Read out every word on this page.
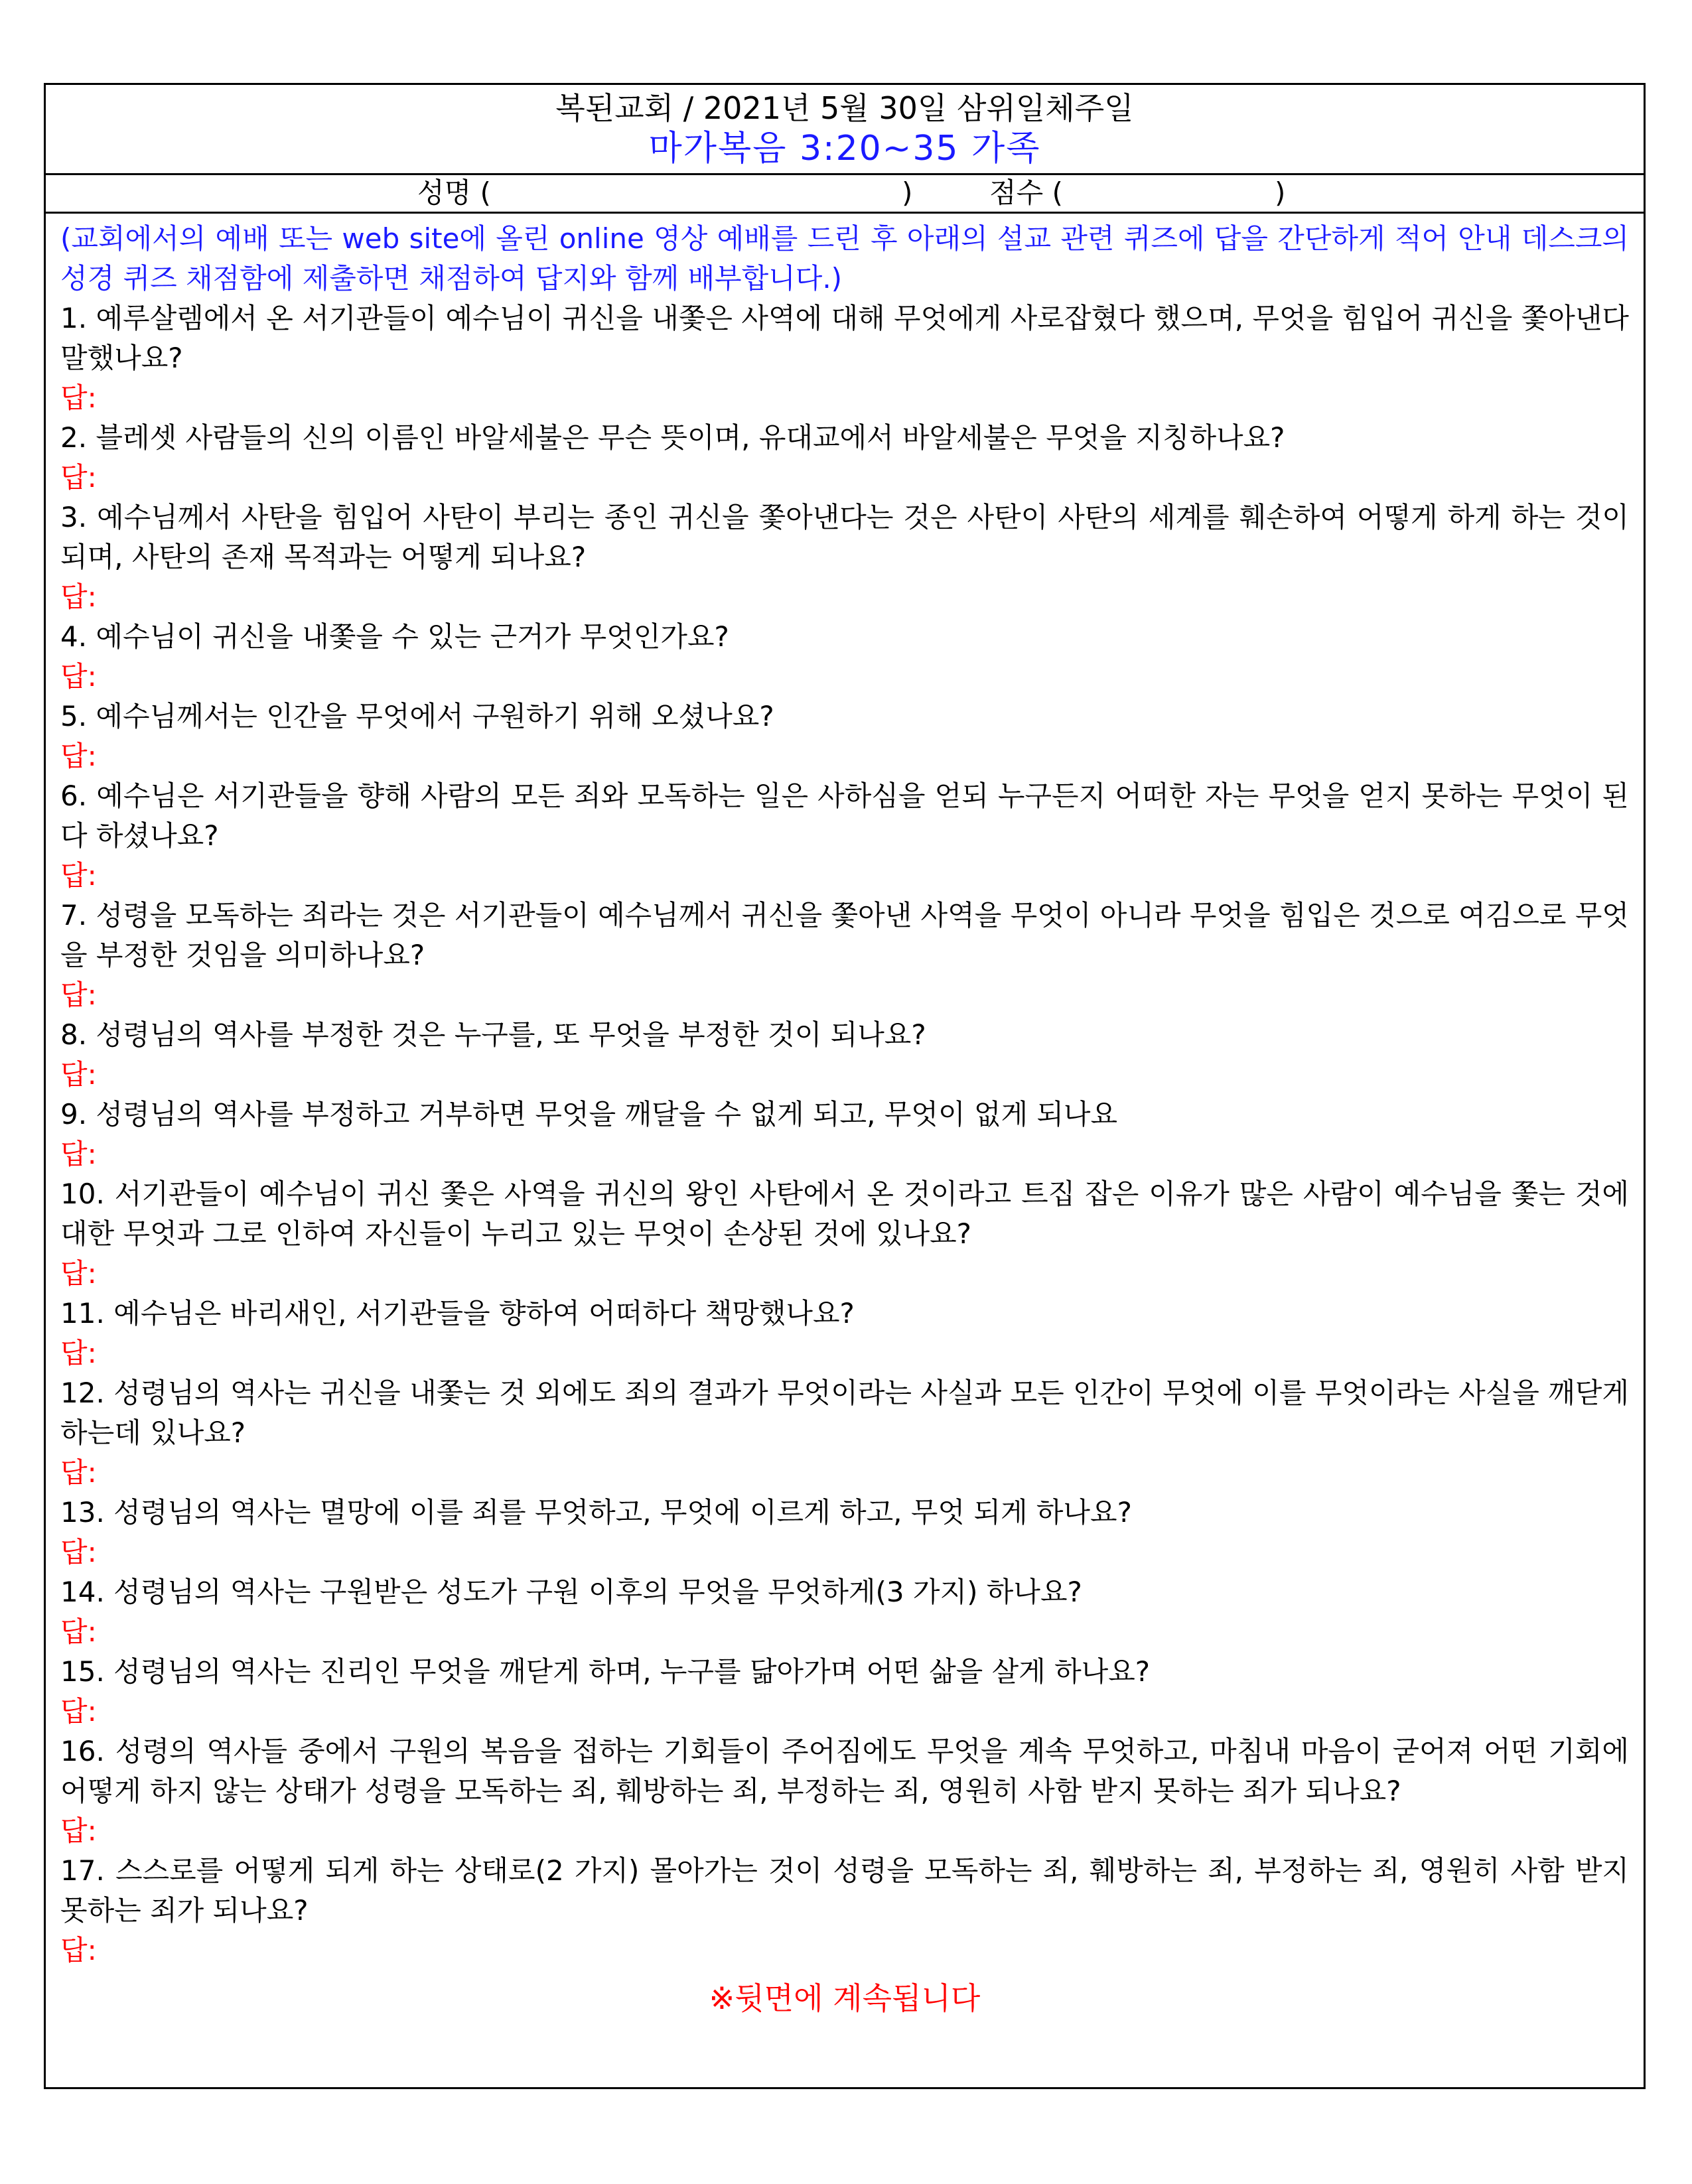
복된교회 / 2021년 5월 30일 삼위일체주일
마가복음 3:20~35 가족
성명 (	)	점수 (	)
(교회에서의 예배 또는 web site에 올린 online 영상 예배를 드린 후 아래의 설교 관련 퀴즈에 답을 간단하게 적어 안내 데스크의 성경 퀴즈 채점함에 제출하면 채점하여 답지와 함께 배부합니다.)
1. 예루살렘에서 온 서기관들이 예수님이 귀신을 내쫓은 사역에 대해 무엇에게 사로잡혔다 했으며, 무엇을 힘입어 귀신을 쫓아낸다 말했나요?
답:
2. 블레셋 사람들의 신의 이름인 바알세불은 무슨 뜻이며, 유대교에서 바알세불은 무엇을 지칭하나요?
답:
3. 예수님께서 사탄을 힘입어 사탄이 부리는 종인 귀신을 쫓아낸다는 것은 사탄이 사탄의 세계를 훼손하여 어떻게 하게 하는 것이 되며, 사탄의 존재 목적과는 어떻게 되나요?
답:
4. 예수님이 귀신을 내쫓을 수 있는 근거가 무엇인가요?
답:
5. 예수님께서는 인간을 무엇에서 구원하기 위해 오셨나요?
답:
6. 예수님은 서기관들을 향해 사람의 모든 죄와 모독하는 일은 사하심을 얻되 누구든지 어떠한 자는 무엇을 얻지 못하는 무엇이 된다 하셨나요?
답:
7. 성령을 모독하는 죄라는 것은 서기관들이 예수님께서 귀신을 쫓아낸 사역을 무엇이 아니라 무엇을 힘입은 것으로 여김으로 무엇을 부정한 것임을 의미하나요?
답:
8. 성령님의 역사를 부정한 것은 누구를, 또 무엇을 부정한 것이 되나요?
답:
9. 성령님의 역사를 부정하고 거부하면 무엇을 깨달을 수 없게 되고, 무엇이 없게 되나요
답:
10. 서기관들이 예수님이 귀신 쫓은 사역을 귀신의 왕인 사탄에서 온 것이라고 트집 잡은 이유가 많은 사람이 예수님을 쫓는 것에 대한 무엇과 그로 인하여 자신들이 누리고 있는 무엇이 손상된 것에 있나요?
답:
11. 예수님은 바리새인, 서기관들을 향하여 어떠하다 책망했나요?
답:
12. 성령님의 역사는 귀신을 내쫓는 것 외에도 죄의 결과가 무엇이라는 사실과 모든 인간이 무엇에 이를 무엇이라는 사실을 깨닫게 하는데 있나요?
답:
13. 성령님의 역사는 멸망에 이를 죄를 무엇하고, 무엇에 이르게 하고, 무엇 되게 하나요?
답:
14. 성령님의 역사는 구원받은 성도가 구원 이후의 무엇을 무엇하게(3 가지) 하나요?
답:
15. 성령님의 역사는 진리인 무엇을 깨닫게 하며, 누구를 닮아가며 어떤 삶을 살게 하나요?
답:
16. 성령의 역사들 중에서 구원의 복음을 접하는 기회들이 주어짐에도 무엇을 계속 무엇하고, 마침내 마음이 굳어져 어떤 기회에 어떻게 하지 않는 상태가 성령을 모독하는 죄, 훼방하는 죄, 부정하는 죄, 영원히 사함 받지 못하는 죄가 되나요?
답:
17. 스스로를 어떻게 되게 하는 상태로(2 가지) 몰아가는 것이 성령을 모독하는 죄, 훼방하는 죄, 부정하는 죄, 영원히 사함 받지 못하는 죄가 되나요?
답:
※뒷면에 계속됩니다
